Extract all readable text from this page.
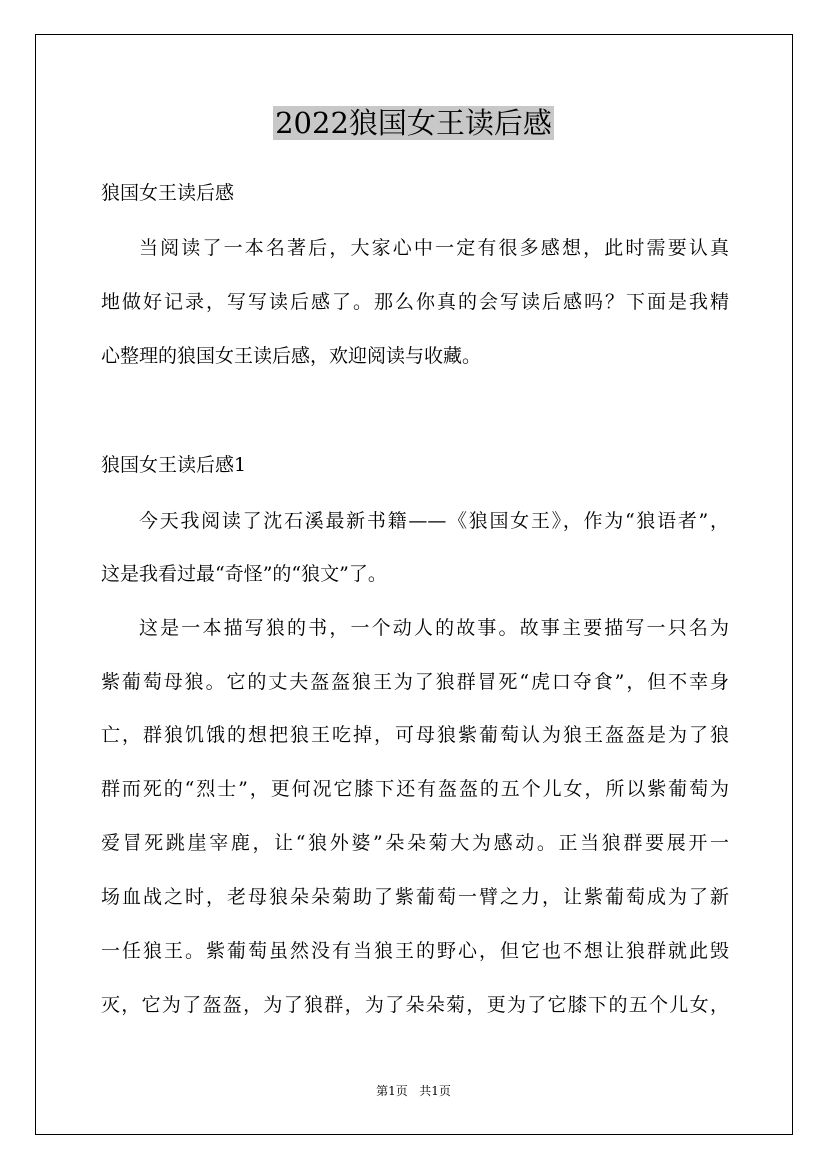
2022狼国女王读后感
狼国女王读后感
当阅读了一本名著后，大家心中一定有很多感想，此时需要认真
地做好记录，写写读后感了。那么你真的会写读后感吗？下面是我精
心整理的狼国女王读后感，欢迎阅读与收藏。
狼国女王读后感1
今天我阅读了沈石溪最新书籍——《狼国女王》，作为“狼语者”，
这是我看过最“奇怪”的“狼文”了。
这是一本描写狼的书，一个动人的故事。故事主要描写一只名为
紫葡萄母狼。它的丈夫盔盔狼王为了狼群冒死“虎口夺食”，但不幸身
亡，群狼饥饿的想把狼王吃掉，可母狼紫葡萄认为狼王盔盔是为了狼
群而死的“烈士”，更何况它膝下还有盔盔的五个儿女，所以紫葡萄为
爱冒死跳崖宰鹿，让“狼外婆”朵朵菊大为感动。正当狼群要展开一
场血战之时，老母狼朵朵菊助了紫葡萄一臂之力，让紫葡萄成为了新
一任狼王。紫葡萄虽然没有当狼王的野心，但它也不想让狼群就此毁
灭，它为了盔盔，为了狼群，为了朵朵菊，更为了它膝下的五个儿女，
第1页   共1页
